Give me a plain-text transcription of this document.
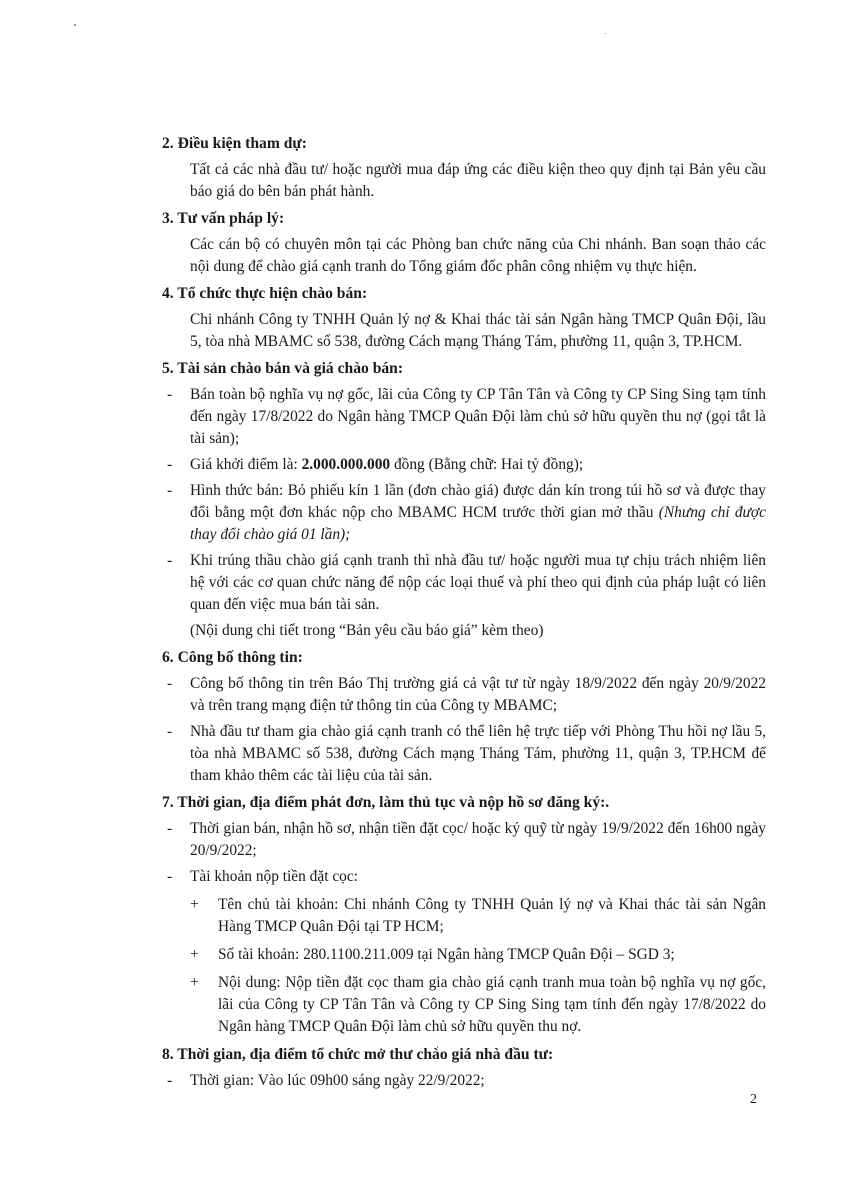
2. Điều kiện tham dự:

Tất cả các nhà đầu tư/ hoặc người mua đáp ứng các điều kiện theo quy định tại Bản yêu cầu báo giá do bên bán phát hành.

3. Tư vấn pháp lý:

Các cán bộ có chuyên môn tại các Phòng ban chức năng của Chi nhánh. Ban soạn thảo các nội dung để chào giá cạnh tranh do Tổng giám đốc phân công nhiệm vụ thực hiện.

4. Tổ chức thực hiện chào bán:

Chi nhánh Công ty TNHH Quản lý nợ & Khai thác tài sản Ngân hàng TMCP Quân Đội, lầu 5, tòa nhà MBAMC số 538, đường Cách mạng Tháng Tám, phường 11, quận 3, TP.HCM.

5. Tài sản chào bán và giá chào bán:
- Bán toàn bộ nghĩa vụ nợ gốc, lãi của Công ty CP Tân Tân và Công ty CP Sing Sing tạm tính đến ngày 17/8/2022 do Ngân hàng TMCP Quân Đội làm chủ sở hữu quyền thu nợ (gọi tắt là tài sản);
- Giá khởi điểm là: 2.000.000.000 đồng (Bằng chữ: Hai tỷ đồng);
- Hình thức bán: Bỏ phiếu kín 1 lần (đơn chào giá) được dán kín trong túi hồ sơ và được thay đổi bằng một đơn khác nộp cho MBAMC HCM trước thời gian mở thầu (Nhưng chỉ được thay đổi chào giá 01 lần);
- Khi trúng thầu chào giá cạnh tranh thì nhà đầu tư/ hoặc người mua tự chịu trách nhiệm liên hệ với các cơ quan chức năng để nộp các loại thuế và phí theo qui định của pháp luật có liên quan đến việc mua bán tài sản.
(Nội dung chi tiết trong “Bản yêu cầu báo giá” kèm theo)
6. Công bố thông tin:
- Công bố thông tin trên Báo Thị trường giá cả vật tư từ ngày 18/9/2022 đến ngày 20/9/2022 và trên trang mạng điện tử thông tin của Công ty MBAMC;
- Nhà đầu tư tham gia chào giá cạnh tranh có thể liên hệ trực tiếp với Phòng Thu hồi nợ lầu 5, tòa nhà MBAMC số 538, đường Cách mạng Tháng Tám, phường 11, quận 3, TP.HCM để tham khảo thêm các tài liệu của tài sản.
7. Thời gian, địa điểm phát đơn, làm thủ tục và nộp hồ sơ đăng ký:.
- Thời gian bán, nhận hồ sơ, nhận tiền đặt cọc/ hoặc ký quỹ từ ngày 19/9/2022 đến 16h00 ngày 20/9/2022;
- Tài khoản nộp tiền đặt cọc:
+ Tên chủ tài khoản: Chi nhánh Công ty TNHH Quản lý nợ và Khai thác tài sản Ngân Hàng TMCP Quân Đội tại TP HCM;
+ Số tài khoản: 280.1100.211.009 tại Ngân hàng TMCP Quân Đội – SGD 3;
+ Nội dung: Nộp tiền đặt cọc tham gia chào giá cạnh tranh mua toàn bộ nghĩa vụ nợ gốc, lãi của Công ty CP Tân Tân và Công ty CP Sing Sing tạm tính đến ngày 17/8/2022 do Ngân hàng TMCP Quân Đội làm chủ sở hữu quyền thu nợ.
8. Thời gian, địa điểm tổ chức mở thư chào giá nhà đầu tư:
- Thời gian: Vào lúc 09h00 sáng ngày 22/9/2022;
2
